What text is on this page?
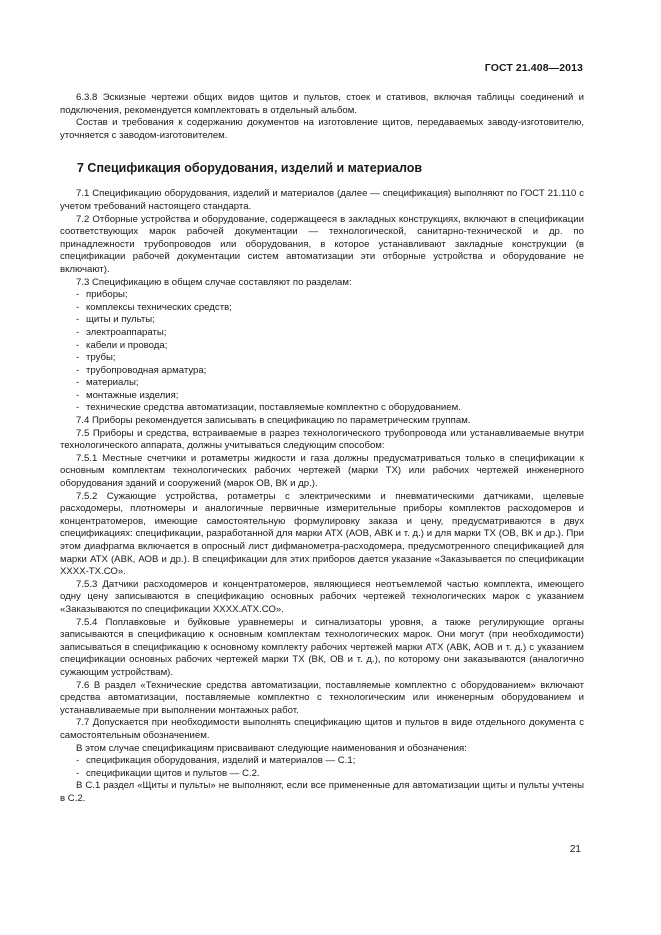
ГОСТ 21.408—2013

6.3.8 Эскизные чертежи общих видов щитов и пультов, стоек и стативов, включая таблицы соединений и подключения, рекомендуется комплектовать в отдельный альбом.

Состав и требования к содержанию документов на изготовление щитов, передаваемых заводу-изготовителю, уточняется с заводом-изготовителем.

7 Спецификация оборудования, изделий и материалов

7.1 Спецификацию оборудования, изделий и материалов (далее — спецификация) выполняют по ГОСТ 21.110 с учетом требований настоящего стандарта.

7.2 Отборные устройства и оборудование, содержащееся в закладных конструкциях, включают в спецификации соответствующих марок рабочей документации — технологической, санитарно-технической и др. по принадлежности трубопроводов или оборудования, в которое устанавливают закладные конструкции (в спецификации рабочей документации систем автоматизации эти отборные устройства и оборудование не включают).

7.3 Спецификацию в общем случае составляют по разделам:

- приборы;
- комплексы технических средств;
- щиты и пульты;
- электроаппараты;
- кабели и провода;
- трубы;
- трубопроводная арматура;
- материалы;
- монтажные изделия;
- технические средства автоматизации, поставляемые комплектно с оборудованием.

7.4 Приборы рекомендуется записывать в спецификацию по параметрическим группам.

7.5 Приборы и средства, встраиваемые в разрез технологического трубопровода или устанавливаемые внутри технологического аппарата, должны учитываться следующим способом:

7.5.1 Местные счетчики и ротаметры жидкости и газа должны предусматриваться только в спецификации к основным комплектам технологических рабочих чертежей (марки ТХ) или рабочих чертежей инженерного оборудования зданий и сооружений (марок ОВ, ВК и др.).

7.5.2 Сужающие устройства, ротаметры с электрическими и пневматическими датчиками, щелевые расходомеры, плотномеры и аналогичные первичные измерительные приборы комплектов расходомеров и концентратомеров, имеющие самостоятельную формулировку заказа и цену, предусматриваются в двух спецификациях: спецификации, разработанной для марки АТХ (АОВ, АВК и т. д.) и для марки ТХ (ОВ, ВК и др.). При этом диафрагма включается в опросный лист дифманометра-расходомера, предусмотренного спецификацией для марки АТХ (АВК, АОВ и др.). В спецификации для этих приборов дается указание «Заказывается по спецификации ХХХХ-ТХ.СО».

7.5.3 Датчики расходомеров и концентратомеров, являющиеся неотъемлемой частью комплекта, имеющего одну цену записываются в спецификацию основных рабочих чертежей технологических марок с указанием «Заказываются по спецификации ХХХХ.АТХ.СО».

7.5.4 Поплавковые и буйковые уравнемеры и сигнализаторы уровня, а также регулирующие органы записываются в спецификацию к основным комплектам технологических марок. Они могут (при необходимости) записываться в спецификацию к основному комплекту рабочих чертежей марки АТХ (АВК, АОВ и т. д.) с указанием спецификации основных рабочих чертежей марки ТХ (ВК, ОВ и т. д.), по которому они заказываются (аналогично сужающим устройствам).

7.6 В раздел «Технические средства автоматизации, поставляемые комплектно с оборудованием» включают средства автоматизации, поставляемые комплектно с технологическим или инженерным оборудованием и устанавливаемые при выполнении монтажных работ.

7.7 Допускается при необходимости выполнять спецификацию щитов и пультов в виде отдельного документа с самостоятельным обозначением.

В этом случае спецификациям присваивают следующие наименования и обозначения:

- спецификация оборудования, изделий и материалов — С.1;
- спецификации щитов и пультов — С.2.

В С.1 раздел «Щиты и пульты» не выполняют, если все примененные для автоматизации щиты и пульты учтены в С.2.

21
